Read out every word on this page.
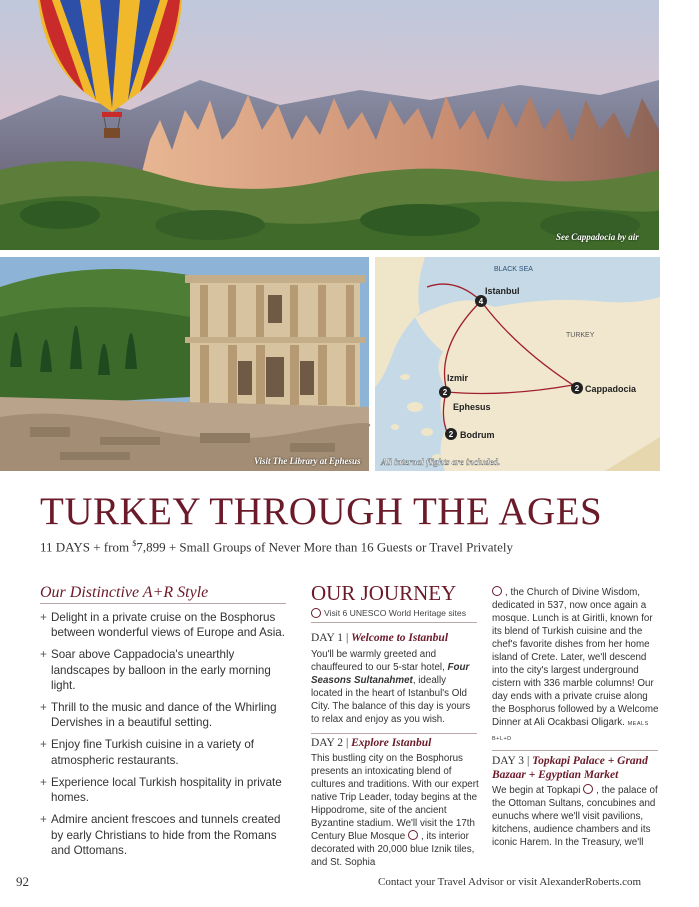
See Cappadocia by air
Visit The Library at Ephesus
BLACK SEA
TURKEY
4
Istanbul
Izmir
2
Ephesus
2 Bodrum
2 Cappadocia
All internal flights are included.
TURKEY THROUGH THE AGES
11 DAYS + from $7,899 + Small Groups of Never More than 16 Guests or Travel Privately
Our Distinctive A+R Style
+ Delight in a private cruise on the Bosphorus between wonderful views of Europe and Asia.
+ Soar above Cappadocia's unearthly landscapes by balloon in the early morning light.
+ Thrill to the music and dance of the Whirling Dervishes in a beautiful setting.
+ Enjoy fine Turkish cuisine in a variety of atmospheric restaurants.
+ Experience local Turkish hospitality in private homes.
+ Admire ancient frescoes and tunnels created by early Christians to hide from the Romans and Ottomans.
OUR JOURNEY
Visit 6 UNESCO World Heritage sites
DAY 1 | Welcome to Istanbul
You'll be warmly greeted and chauffeured to our 5-star hotel, Four Seasons Sultanahmet, ideally located in the heart of Istanbul's Old City. The balance of this day is yours to relax and enjoy as you wish.
DAY 2 | Explore Istanbul
This bustling city on the Bosphorus presents an intoxicating blend of cultures and traditions. With our expert native Trip Leader, today begins at the Hippodrome, site of the ancient Byzantine stadium. We'll visit the 17th Century Blue Mosque , its interior decorated with 20,000 blue Iznik tiles, and St. Sophia
, the Church of Divine Wisdom, dedicated in 537, now once again a mosque. Lunch is at Giritli, known for its blend of Turkish cuisine and the chef's favorite dishes from her home island of Crete. Later, we'll descend into the city's largest underground cistern with 336 marble columns! Our day ends with a private cruise along the Bosphorus followed by a Welcome Dinner at Ali Ocakbasi Oligark. MEALS B+L+D
DAY 3 | Topkapi Palace + Grand Bazaar + Egyptian Market
We begin at Topkapi , the palace of the Ottoman Sultans, concubines and eunuchs where we'll visit pavilions, kitchens, audience chambers and its iconic Harem. In the Treasury, we'll
92	Contact your Travel Advisor or visit AlexanderRoberts.com
